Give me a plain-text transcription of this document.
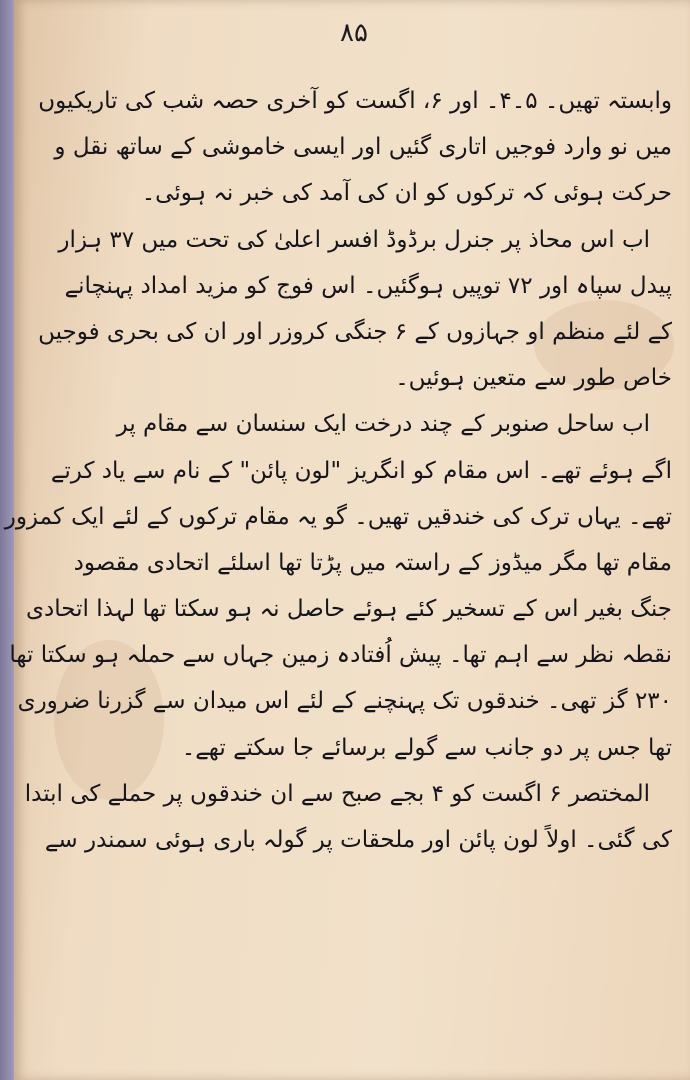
۸۵
وابستہ تھیں۔ ۵۔۴۔ اور ۶، اگست کو آخری حصہ شب کی تاریکیوں
میں نو وارد فوجیں اتاری گئیں اور ایسی خاموشی کے ساتھ نقل و
حرکت ہوئی کہ ترکوں کو ان کی آمد کی خبر نہ ہوئی۔
اب اس محاذ پر جنرل برڈوڈ افسر اعلیٰ کی تحت میں ۳۷ ہزار
پیدل سپاہ اور ۷۲ توپیں ہوگئیں۔ اس فوج کو مزید امداد پہنچانے
کے لئے منظم او جہازوں کے ۶ جنگی کروزر اور ان کی بحری فوجیں
خاص طور سے متعین ہوئیں۔
اب ساحل صنوبر کے چند درخت ایک سنسان سے مقام پر
اگے ہوئے تھے۔ اس مقام کو انگریز "لون پائن" کے نام سے یاد کرتے
تھے۔ یہاں ترک کی خندقیں تھیں۔ گو یہ مقام ترکوں کے لئے ایک کمزور
مقام تھا مگر میڈوز کے راستہ میں پڑتا تھا اسلئے اتحادی مقصود
جنگ بغیر اس کے تسخیر کئے ہوئے حاصل نہ ہو سکتا تھا لہذا اتحادی
نقطہ نظر سے اہم تھا۔ پیش اُفتادہ زمین جہاں سے حملہ ہو سکتا تھا
۲۳۰ گز تھی۔ خندقوں تک پہنچنے کے لئے اس میدان سے گزرنا ضروری
تھا جس پر دو جانب سے گولے برسائے جا سکتے تھے۔
المختصر ۶ اگست کو ۴ بجے صبح سے ان خندقوں پر حملے کی ابتدا
کی گئی۔ اولاً لون پائن اور ملحقات پر گولہ باری ہوئی سمندر سے
